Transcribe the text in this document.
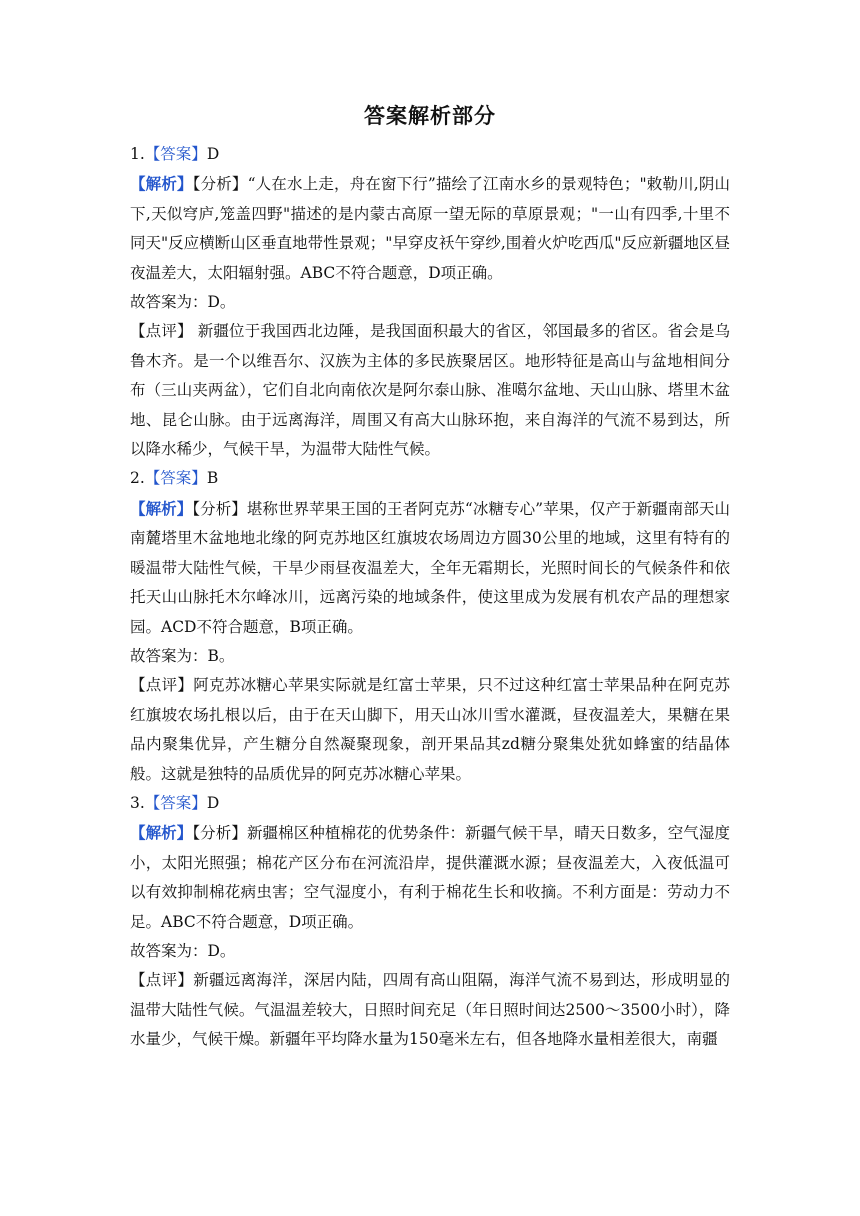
答案解析部分

1.【答案】D

【解析】【分析】“人在水上走，舟在窗下行”描绘了江南水乡的景观特色；"敕勒川,阴山下,天似穹庐,笼盖四野"描述的是内蒙古高原一望无际的草原景观；"一山有四季,十里不同天"反应横断山区垂直地带性景观；"早穿皮袄午穿纱,围着火炉吃西瓜"反应新疆地区昼夜温差大，太阳辐射强。ABC不符合题意，D项正确。

故答案为：D。

【点评】 新疆位于我国西北边陲，是我国面积最大的省区，邻国最多的省区。省会是乌鲁木齐。是一个以维吾尔、汉族为主体的多民族聚居区。地形特征是高山与盆地相间分布（三山夹两盆），它们自北向南依次是阿尔泰山脉、准噶尔盆地、天山山脉、塔里木盆地、昆仑山脉。由于远离海洋，周围又有高大山脉环抱，来自海洋的气流不易到达，所以降水稀少，气候干旱，为温带大陆性气候。

2.【答案】B

【解析】【分析】堪称世界苹果王国的王者阿克苏“冰糖专心”苹果，仅产于新疆南部天山南麓塔里木盆地地北缘的阿克苏地区红旗坡农场周边方圆30公里的地域，这里有特有的暖温带大陆性气候，干旱少雨昼夜温差大，全年无霜期长，光照时间长的气候条件和依托天山山脉托木尔峰冰川，远离污染的地域条件，使这里成为发展有机农产品的理想家园。ACD不符合题意，B项正确。

故答案为：B。

【点评】阿克苏冰糖心苹果实际就是红富士苹果，只不过这种红富士苹果品种在阿克苏红旗坡农场扎根以后，由于在天山脚下，用天山冰川雪水灌溉，昼夜温差大，果糖在果品内聚集优异，产生糖分自然凝聚现象，剖开果品其zd糖分聚集处犹如蜂蜜的结晶体般。这就是独特的品质优异的阿克苏冰糖心苹果。

3.【答案】D

【解析】【分析】新疆棉区种植棉花的优势条件：新疆气候干旱，晴天日数多，空气湿度小，太阳光照强；棉花产区分布在河流沿岸，提供灌溉水源；昼夜温差大，入夜低温可以有效抑制棉花病虫害；空气湿度小，有利于棉花生长和收摘。不利方面是：劳动力不足。ABC不符合题意，D项正确。

故答案为：D。

【点评】新疆远离海洋，深居内陆，四周有高山阻隔，海洋气流不易到达，形成明显的温带大陆性气候。气温温差较大，日照时间充足（年日照时间达2500～3500小时），降水量少，气候干燥。新疆年平均降水量为150毫米左右，但各地降水量相差很大，南疆
